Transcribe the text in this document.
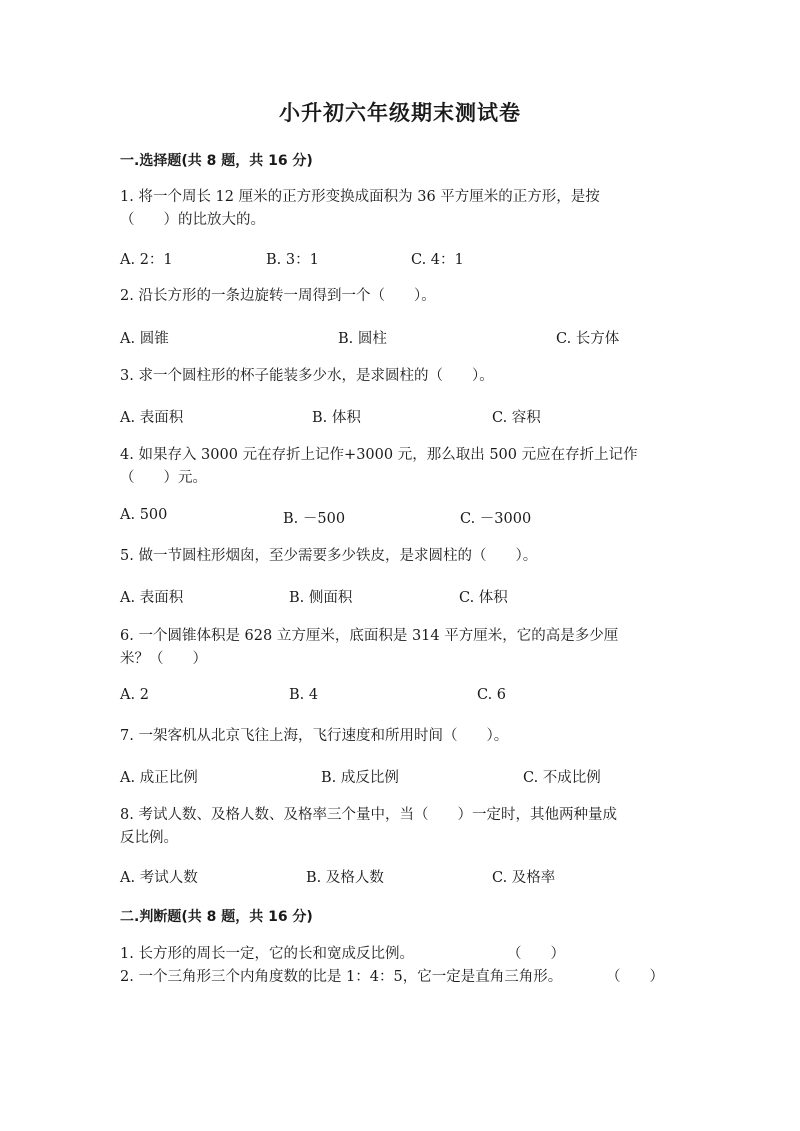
小升初六年级期末测试卷
一.选择题(共 8 题，共 16 分)
1. 将一个周长 12 厘米的正方形变换成面积为 36 平方厘米的正方形，是按
（　　）的比放大的。
A. 2：1	B. 3：1	C. 4：1
2. 沿长方形的一条边旋转一周得到一个（　　）。
A. 圆锥	B. 圆柱	C. 长方体
3. 求一个圆柱形的杯子能装多少水，是求圆柱的（　　）。
A. 表面积	B. 体积	C. 容积
4. 如果存入 3000 元在存折上记作+3000 元，那么取出 500 元应在存折上记作
（　　）元。
A. 500	B. －500	C. －3000
5. 做一节圆柱形烟囱，至少需要多少铁皮，是求圆柱的（　　）。
A. 表面积	B. 侧面积	C. 体积
6. 一个圆锥体积是 628 立方厘米，底面积是 314 平方厘米，它的高是多少厘
米？（　　）
A. 2	B. 4	C. 6
7. 一架客机从北京飞往上海，飞行速度和所用时间（　　）。
A. 成正比例	B. 成反比例	C. 不成比例
8. 考试人数、及格人数、及格率三个量中，当（　　）一定时，其他两种量成
反比例。
A. 考试人数	B. 及格人数	C. 及格率
二.判断题(共 8 题，共 16 分)
1. 长方形的周长一定，它的长和宽成反比例。	（　　）
2. 一个三角形三个内角度数的比是 1：4：5，它一定是直角三角形。	（　　）
